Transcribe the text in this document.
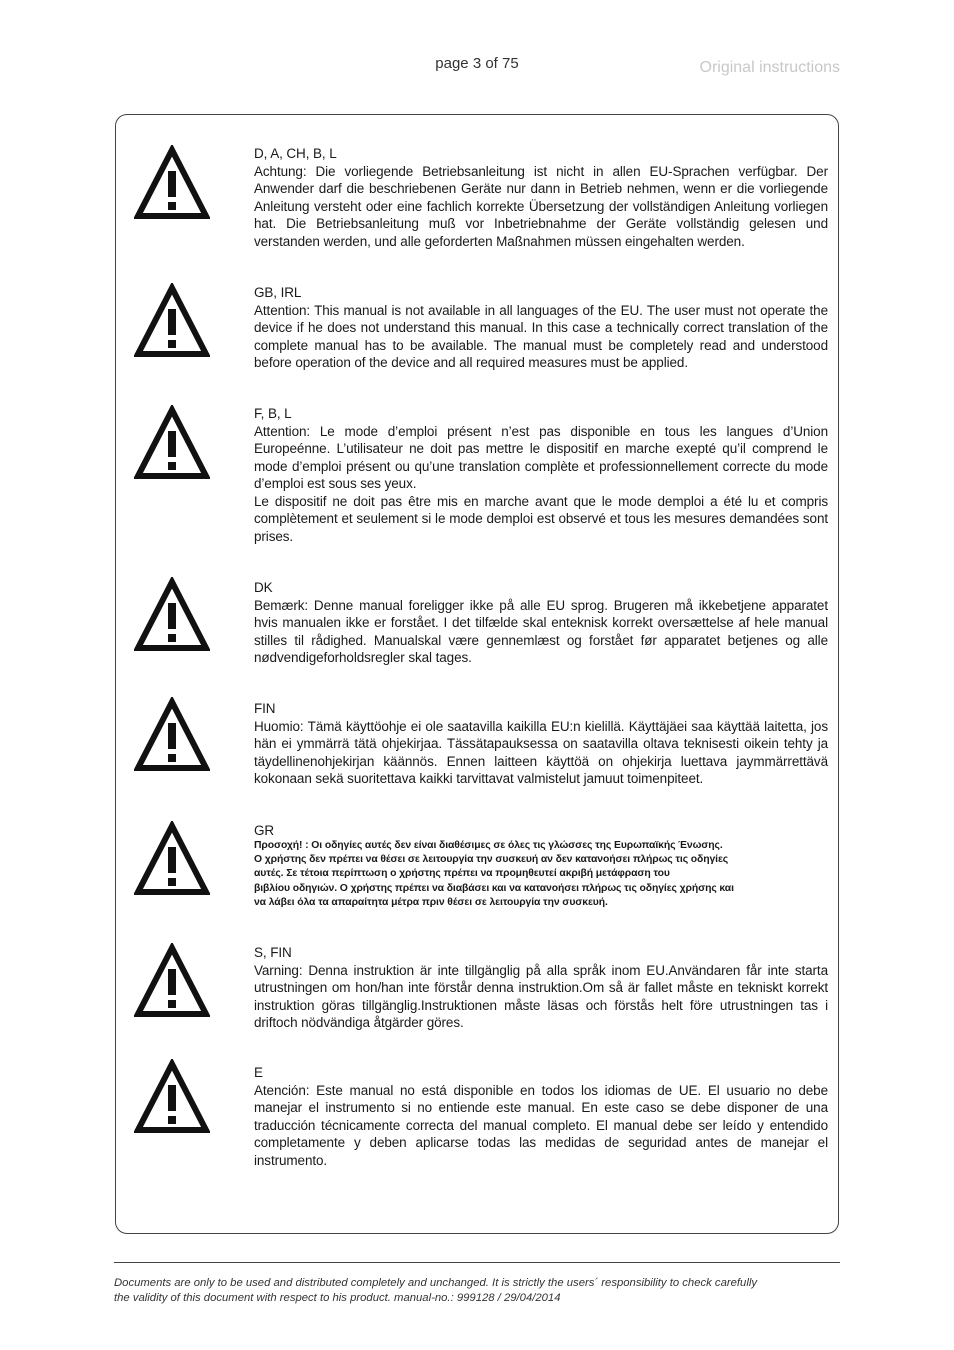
page 3 of 75	Original instructions
D, A, CH, B, L
Achtung: Die vorliegende Betriebsanleitung ist nicht in allen EU-Sprachen verfügbar. Der Anwender darf die beschriebenen Geräte nur dann in Betrieb nehmen, wenn er die vorliegende Anleitung versteht oder eine fachlich korrekte Übersetzung der vollständigen Anleitung vorliegen hat. Die Betriebsanleitung muß vor Inbetriebnahme der Geräte vollständig gelesen und verstanden werden, und alle geforderten Maßnahmen müssen eingehalten werden.
GB, IRL
Attention: This manual is not available in all languages of the EU. The user must not operate the device if he does not understand this manual. In this case a technically correct translation of the complete manual has to be available. The manual must be completely read and understood before operation of the device and all required measures must be applied.
F, B, L
Attention: Le mode d’emploi présent n’est pas disponible en tous les langues d’Union Europeénne. L’utilisateur ne doit pas mettre le dispositif en marche exepté qu’il comprend le mode d’emploi présent ou qu’une translation complète et professionnellement correcte du mode d’emploi est sous ses yeux.
Le dispositif ne doit pas être mis en marche avant que le mode demploi a été lu et compris complètement et seulement si le mode demploi est observé et tous les mesures demandées sont prises.
DK
Bemærk: Denne manual foreligger ikke på alle EU sprog. Brugeren må ikkebetjene apparatet hvis manualen ikke er forstået. I det tilfælde skal enteknisk korrekt oversættelse af hele manual stilles til rådighed. Manualskal være gennemlæst og forstået før apparatet betjenes og alle nødvendigeforholdsregler skal tages.
FIN
Huomio: Tämä käyttöohje ei ole saatavilla kaikilla EU:n kielillä. Käyttäjäei saa käyttää laitetta, jos hän ei ymmärrä tätä ohjekirjaa. Tässätapauksessa on saatavilla oltava teknisesti oikein tehty ja täydellinenohjekirjan käännös. Ennen laitteen käyttöä on ohjekirja luettava jaymmärrettävä kokonaan sekä suoritettava kaikki tarvittavat valmistelut jamuut toimenpiteet.
GR
Προσοχή! : Οι οδηγίες αυτές δεν είναι διαθέσιμες σε όλες τις γλώσσες της Ευρωπαϊκής Ένωσης.
Ο χρήστης δεν πρέπει να θέσει σε λειτουργία την συσκευή αν δεν κατανοήσει πλήρως τις οδηγίες
αυτές. Σε τέτοια περίπτωση ο χρήστης πρέπει να προμηθευτεί ακριβή μετάφραση του
βιβλίου οδηγιών. Ο χρήστης πρέπει να διαβάσει και να κατανοήσει πλήρως τις οδηγίες χρήσης και
να λάβει όλα τα απαραίτητα μέτρα πριν θέσει σε λειτουργία την συσκευή.
S, FIN
Varning: Denna instruktion är inte tillgänglig på alla språk inom EU.Användaren får inte starta utrustningen om hon/han inte förstår denna instruktion.Om så är fallet måste en tekniskt korrekt instruktion göras tillgänglig.Instruktionen måste läsas och förstås helt före utrustningen tas i driftoch nödvändiga åtgärder göres.
E
Atención: Este manual no está disponible en todos los idiomas de UE. El usuario no debe manejar el instrumento si no entiende este manual. En este caso se debe disponer de una traducción técnicamente correcta del manual completo. El manual debe ser leído y entendido completamente y deben aplicarse todas las medidas de seguridad antes de manejar el instrumento.
Documents are only to be used and distributed completely and unchanged. It is strictly the users´ responsibility to check carefully
the validity of this document with respect to his product. manual-no.: 999128 / 29/04/2014
